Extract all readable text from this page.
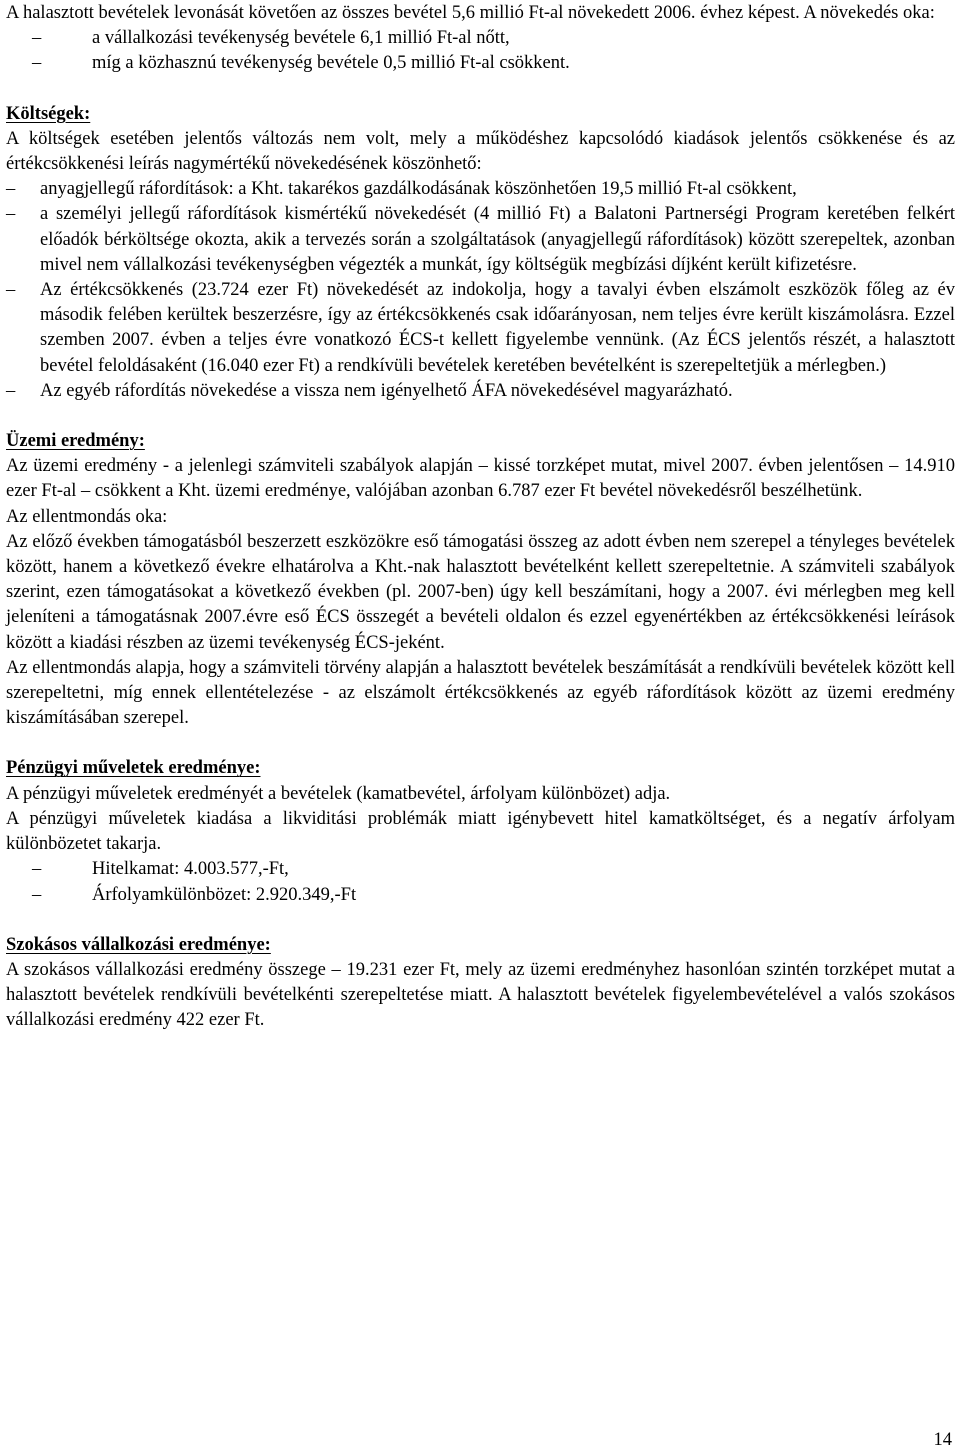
A halasztott bevételek levonását követően az összes bevétel 5,6 millió Ft-al növekedett 2006. évhez képest. A növekedés oka:

–	a vállalkozási tevékenység bevétele 6,1 millió Ft-al nőtt,
–	míg a közhasznú tevékenység bevétele 0,5 millió Ft-al csökkent.

Költségek:

A költségek esetében jelentős változás nem volt, mely a működéshez kapcsolódó kiadások jelentős csökkenése és az értékcsökkenési leírás nagymértékű növekedésének köszönhető:

– anyagjellegű ráfordítások: a Kht. takarékos gazdálkodásának köszönhetően 19,5 millió Ft-al csökkent,
– a személyi jellegű ráfordítások kismértékű növekedését (4 millió Ft) a Balatoni Partnerségi Program keretében felkért előadók bérköltsége okozta, akik a tervezés során a szolgáltatások (anyagjellegű ráfordítások) között szerepeltek, azonban mivel nem vállalkozási tevékenységben végezték a munkát, így költségük megbízási díjként került kifizetésre.
– Az értékcsökkenés (23.724 ezer Ft) növekedését az indokolja, hogy a tavalyi évben elszámolt eszközök főleg az év második felében kerültek beszerzésre, így az értékcsökkenés csak időarányosan, nem teljes évre került kiszámolásra. Ezzel szemben 2007. évben a teljes évre vonatkozó ÉCS-t kellett figyelembe vennünk. (Az ÉCS jelentős részét, a halasztott bevétel feloldásaként (16.040 ezer Ft) a rendkívüli bevételek keretében bevételként is szerepeltetjük a mérlegben.)
– Az egyéb ráfordítás növekedése a vissza nem igényelhető ÁFA növekedésével magyarázható.

Üzemi eredmény:

Az üzemi eredmény - a jelenlegi számviteli szabályok alapján – kissé torzképet mutat, mivel 2007. évben jelentősen – 14.910 ezer Ft-al – csökkent a Kht. üzemi eredménye, valójában azonban 6.787 ezer Ft bevétel növekedésről beszélhetünk.

Az ellentmondás oka:

Az előző években támogatásból beszerzett eszközökre eső támogatási összeg az adott évben nem szerepel a tényleges bevételek között, hanem a következő évekre elhatárolva a Kht.-nak halasztott bevételként kellett szerepeltetnie. A számviteli szabályok szerint, ezen támogatásokat a következő években (pl. 2007-ben) úgy kell beszámítani, hogy a 2007. évi mérlegben meg kell jeleníteni a támogatásnak 2007.évre eső ÉCS összegét a bevételi oldalon és ezzel egyenértékben az értékcsökkenési leírások között a kiadási részben az üzemi tevékenység ÉCS-jeként.

Az ellentmondás alapja, hogy a számviteli törvény alapján a halasztott bevételek beszámítását a rendkívüli bevételek között kell szerepeltetni, míg ennek ellentételezése - az elszámolt értékcsökkenés az egyéb ráfordítások között az üzemi eredmény kiszámításában szerepel.

Pénzügyi műveletek eredménye:

A pénzügyi műveletek eredményét a bevételek (kamatbevétel, árfolyam különbözet) adja.

A pénzügyi műveletek kiadása a likviditási problémák miatt igénybevett hitel kamatköltséget, és a negatív árfolyam különbözetet takarja.

–	Hitelkamat: 4.003.577,-Ft,
–	Árfolyamkülönbözet: 2.920.349,-Ft

Szokásos vállalkozási eredménye:

A szokásos vállalkozási eredmény összege – 19.231 ezer Ft, mely az üzemi eredményhez hasonlóan szintén torzképet mutat a halasztott bevételek rendkívüli bevételkénti szerepeltetése miatt. A halasztott bevételek figyelembevételével a valós szokásos vállalkozási eredmény 422 ezer Ft.

14
